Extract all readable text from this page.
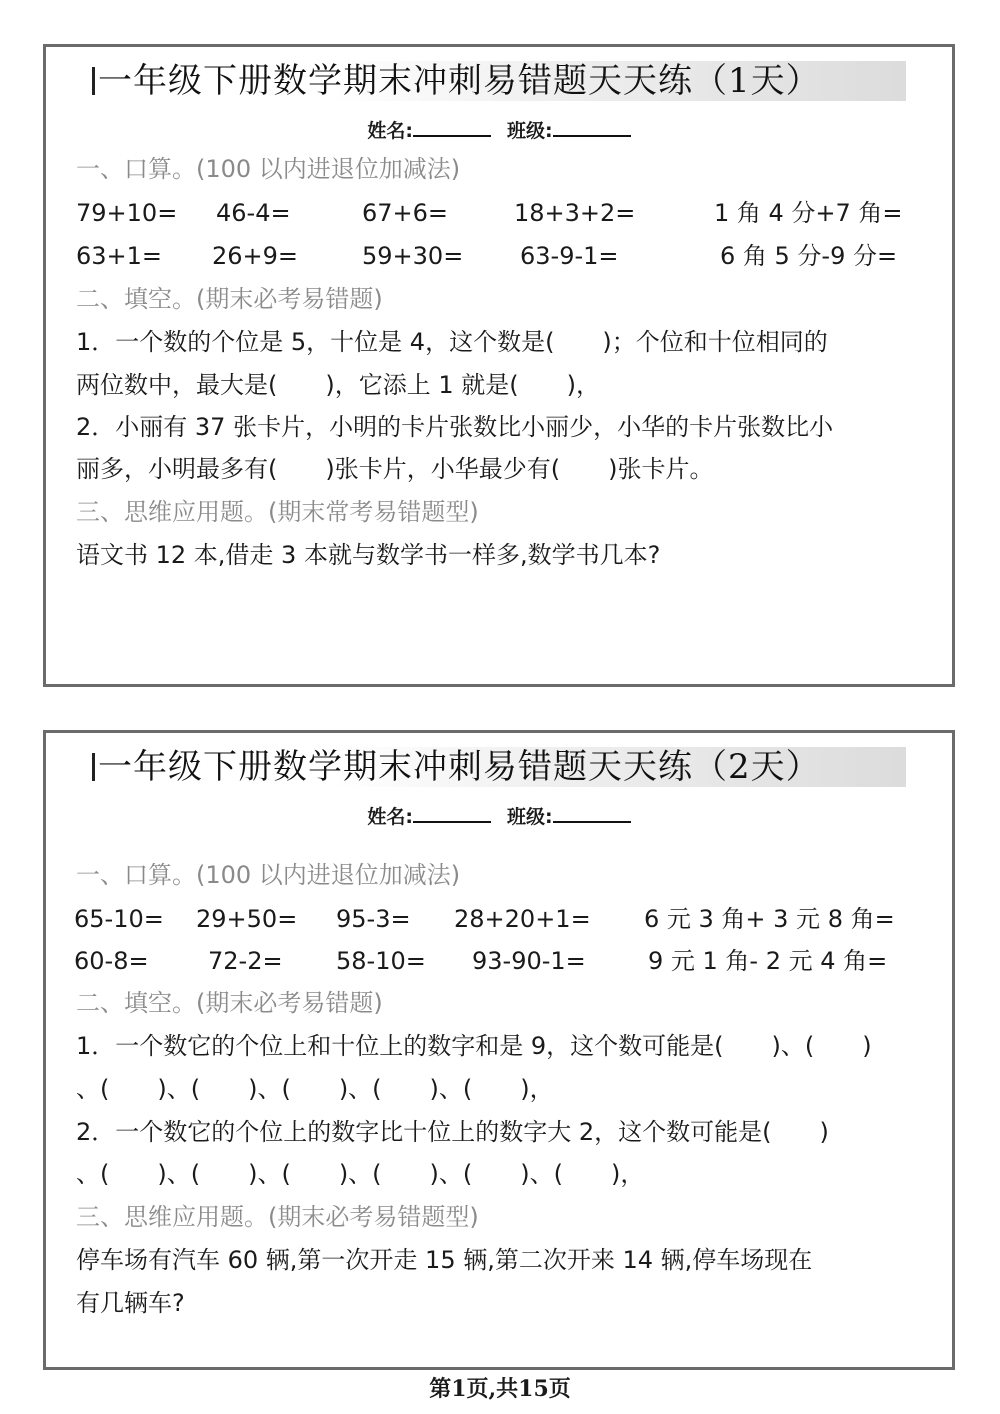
一年级下册数学期末冲刺易错题天天练（1天）
姓名:	班级:
一、口算。(100 以内进退位加减法)
79+10= 46-4=	67+6=	18+3+2=	1 角 4 分+7 角=
63+1= 26+9=	59+30= 63-9-1=	6 角 5 分-9 分=
二、填空。(期末必考易错题)
1．一个数的个位是 5，十位是 4，这个数是(　　)；个位和十位相同的
两位数中，最大是(　　)，它添上 1 就是(　　)，
2．小丽有 37 张卡片，小明的卡片张数比小丽少，小华的卡片张数比小
丽多，小明最多有(　　)张卡片，小华最少有(　　)张卡片。
三、思维应用题。(期末常考易错题型)
语文书 12 本,借走 3 本就与数学书一样多,数学书几本?
一年级下册数学期末冲刺易错题天天练（2天）
姓名:	班级:
一、口算。(100 以内进退位加减法)
65-10= 29+50= 95-3= 28+20+1= 6 元 3 角+ 3 元 8 角=
60-8= 72-2= 58-10= 93-90-1=	9 元 1 角- 2 元 4 角=
二、填空。(期末必考易错题)
1．一个数它的个位上和十位上的数字和是 9，这个数可能是(　　)、(　　)
、(　　)、(　　)、(　　)、(　　)、(　　)，
2．一个数它的个位上的数字比十位上的数字大 2，这个数可能是(　　)
、(　　)、(　　)、(　　)、(　　)、(　　)、(　　)，
三、思维应用题。(期末必考易错题型)
停车场有汽车 60 辆,第一次开走 15 辆,第二次开来 14 辆,停车场现在
有几辆车?
第1页,共15页
